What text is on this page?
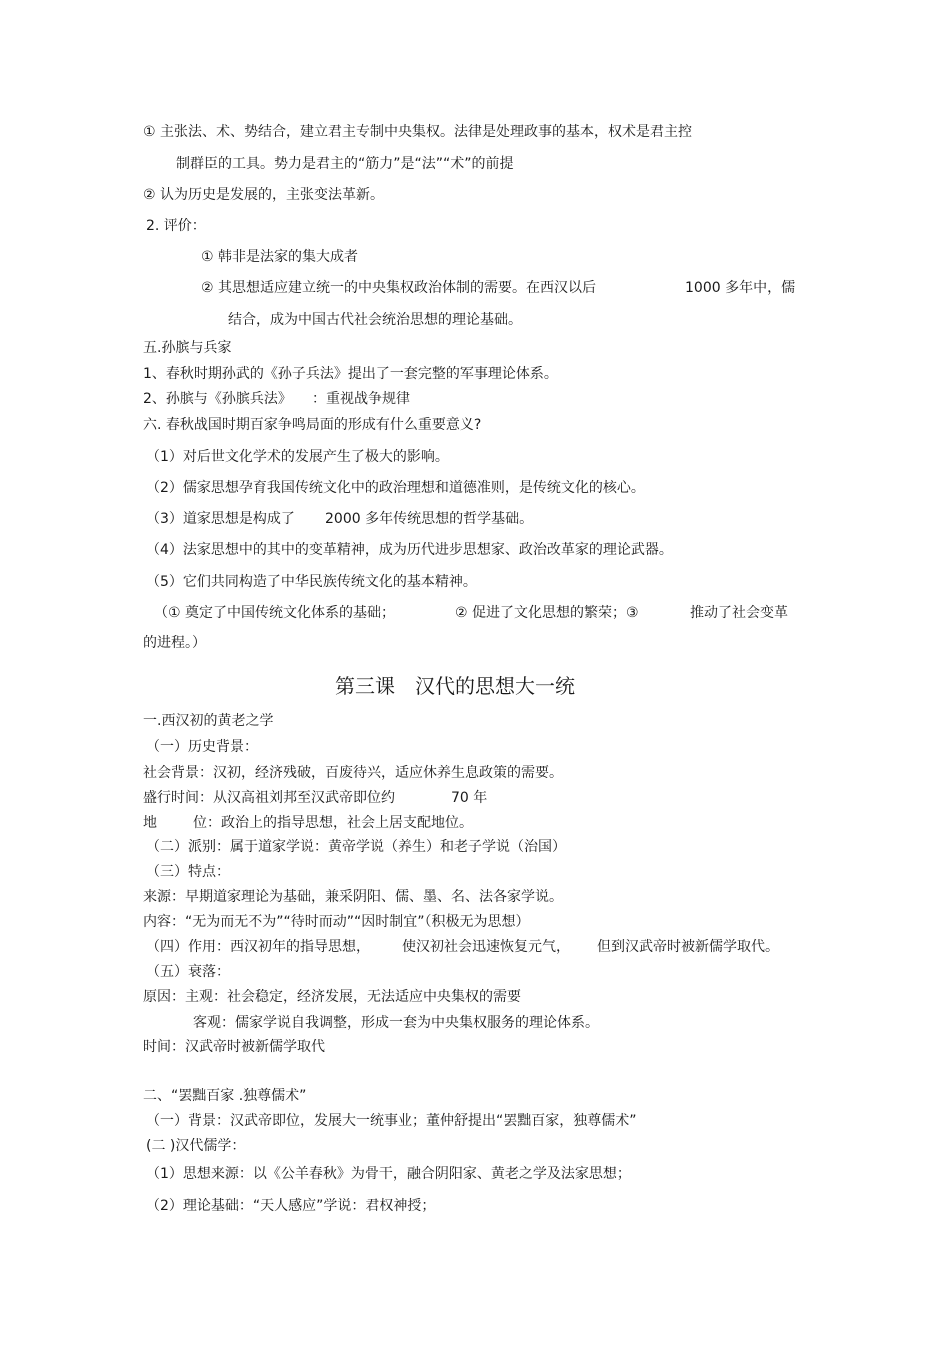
① 主张法、术、势结合，建立君主专制中央集权。法律是处理政事的基本，权术是君主控
制群臣的工具。势力是君主的“筋力”是“法”“术”的前提
② 认为历史是发展的，主张变法革新。
2. 评价：
① 韩非是法家的集大成者
② 其思想适应建立统一的中央集权政治体制的需要。在西汉以后	1000 多年中，儒
结合，成为中国古代社会统治思想的理论基础。
五.孙膑与兵家
1、春秋时期孙武的《孙子兵法》提出了一套完整的军事理论体系。
2、孙膑与《孙膑兵法》 ：重视战争规律
六. 春秋战国时期百家争鸣局面的形成有什么重要意义?
（1）对后世文化学术的发展产生了极大的影响。
（2）儒家思想孕育我国传统文化中的政治理想和道德准则，是传统文化的核心。
（3）道家思想是构成了 2000 多年传统思想的哲学基础。
（4）法家思想中的其中的变革精神，成为历代进步思想家、政治改革家的理论武器。
（5）它们共同构造了中华民族传统文化的基本精神。
（① 奠定了中国传统文化体系的基础；	② 促进了文化思想的繁荣；③	推动了社会变革
的进程。）
第三课　汉代的思想大一统
一.西汉初的黄老之学
（一）历史背景：
社会背景：汉初，经济残破，百废待兴，适应休养生息政策的需要。
盛行时间：从汉高祖刘邦至汉武帝即位约	70 年
地	位：政治上的指导思想，社会上居支配地位。
（二）派别：属于道家学说：黄帝学说（养生）和老子学说（治国）
（三）特点：
来源：早期道家理论为基础，兼采阴阳、儒、墨、名、法各家学说。
内容：“无为而无不为”“待时而动”“因时制宜”（积极无为思想）
（四）作用：西汉初年的指导思想， 使汉初社会迅速恢复元气， 但到汉武帝时被新儒学取代。
（五）衰落：
原因：主观：社会稳定，经济发展，无法适应中央集权的需要
客观：儒家学说自我调整，形成一套为中央集权服务的理论体系。
时间：汉武帝时被新儒学取代
二、“罢黜百家 .独尊儒术”
（一）背景：汉武帝即位，发展大一统事业；董仲舒提出“罢黜百家，独尊儒术”
(二 )汉代儒学：
（1）思想来源：以《公羊春秋》为骨干，融合阴阳家、黄老之学及法家思想；
（2）理论基础：“天人感应”学说：君权神授；
